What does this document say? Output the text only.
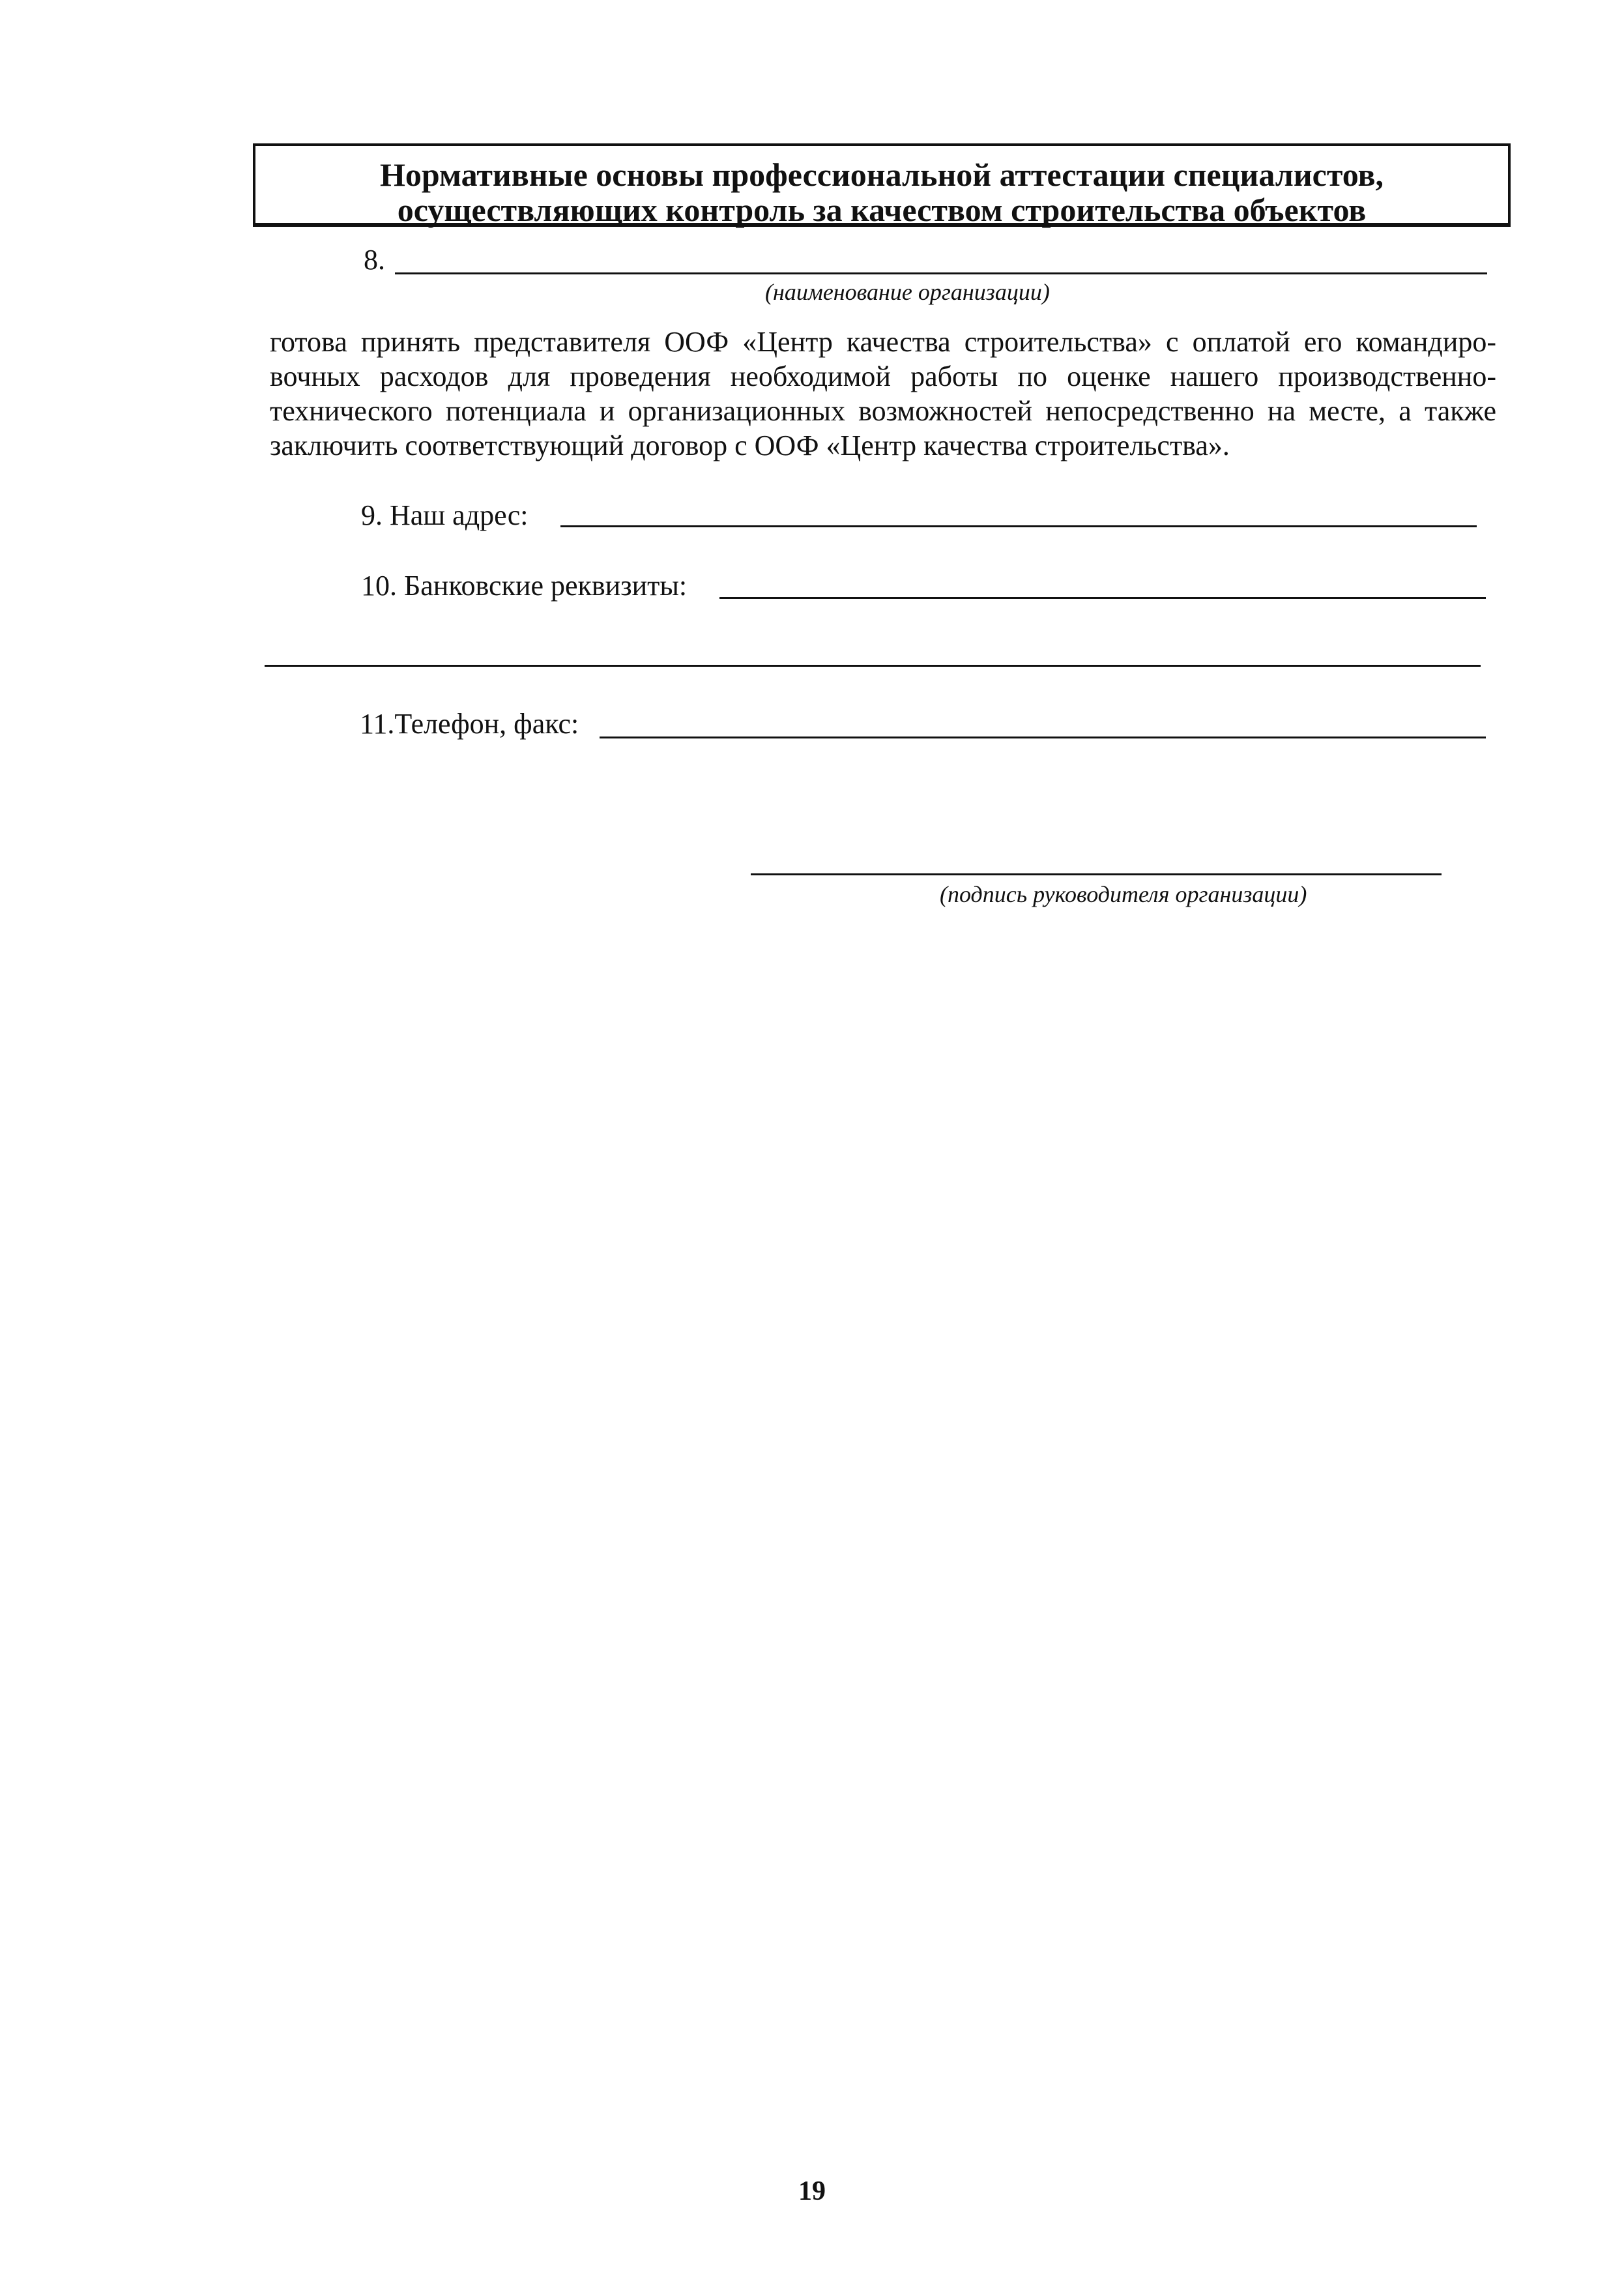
Нормативные основы профессиональной аттестации специалистов,
осуществляющих контроль за качеством строительства объектов
8.
(наименование организации)
готова принять представителя ООФ «Центр качества строительства» с оплатой его командиро-
вочных расходов для проведения необходимой работы по оценке нашего производственно-
технического потенциала и организационных возможностей непосредственно на месте, а также
заключить соответствующий договор с ООФ «Центр качества строительства».
9. Наш адрес:
10. Банковские реквизиты:
11.Телефон, факс:
(подпись руководителя организации)
19
